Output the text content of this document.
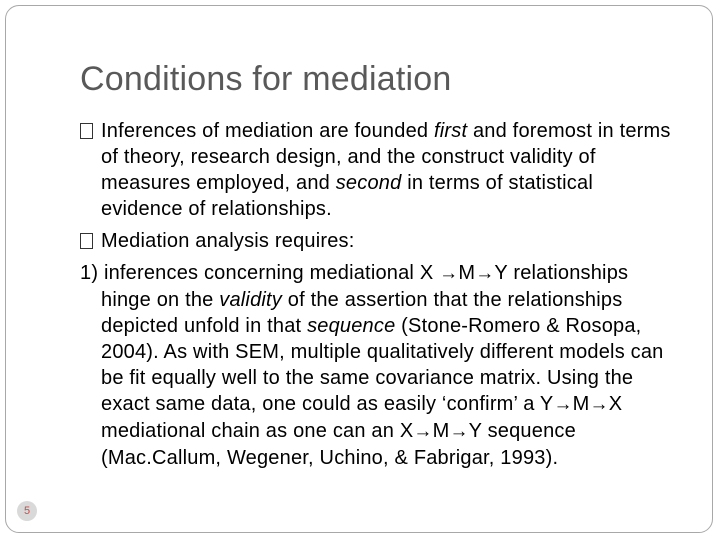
Conditions for mediation

Inferences of mediation are founded first and foremost in terms of theory, research design, and the construct validity of measures employed, and second in terms of statistical evidence of relationships.

Mediation analysis requires:

1) inferences concerning mediational X →M→Y relationships hinge on the validity of the assertion that the relationships depicted unfold in that sequence (Stone-Romero & Rosopa, 2004). As with SEM, multiple qualitatively different models can be fit equally well to the same covariance matrix. Using the exact same data, one could as easily ‘confirm’ a Y→M→X mediational chain as one can an X→M→Y sequence (Mac.Callum, Wegener, Uchino, & Fabrigar, 1993).

5
